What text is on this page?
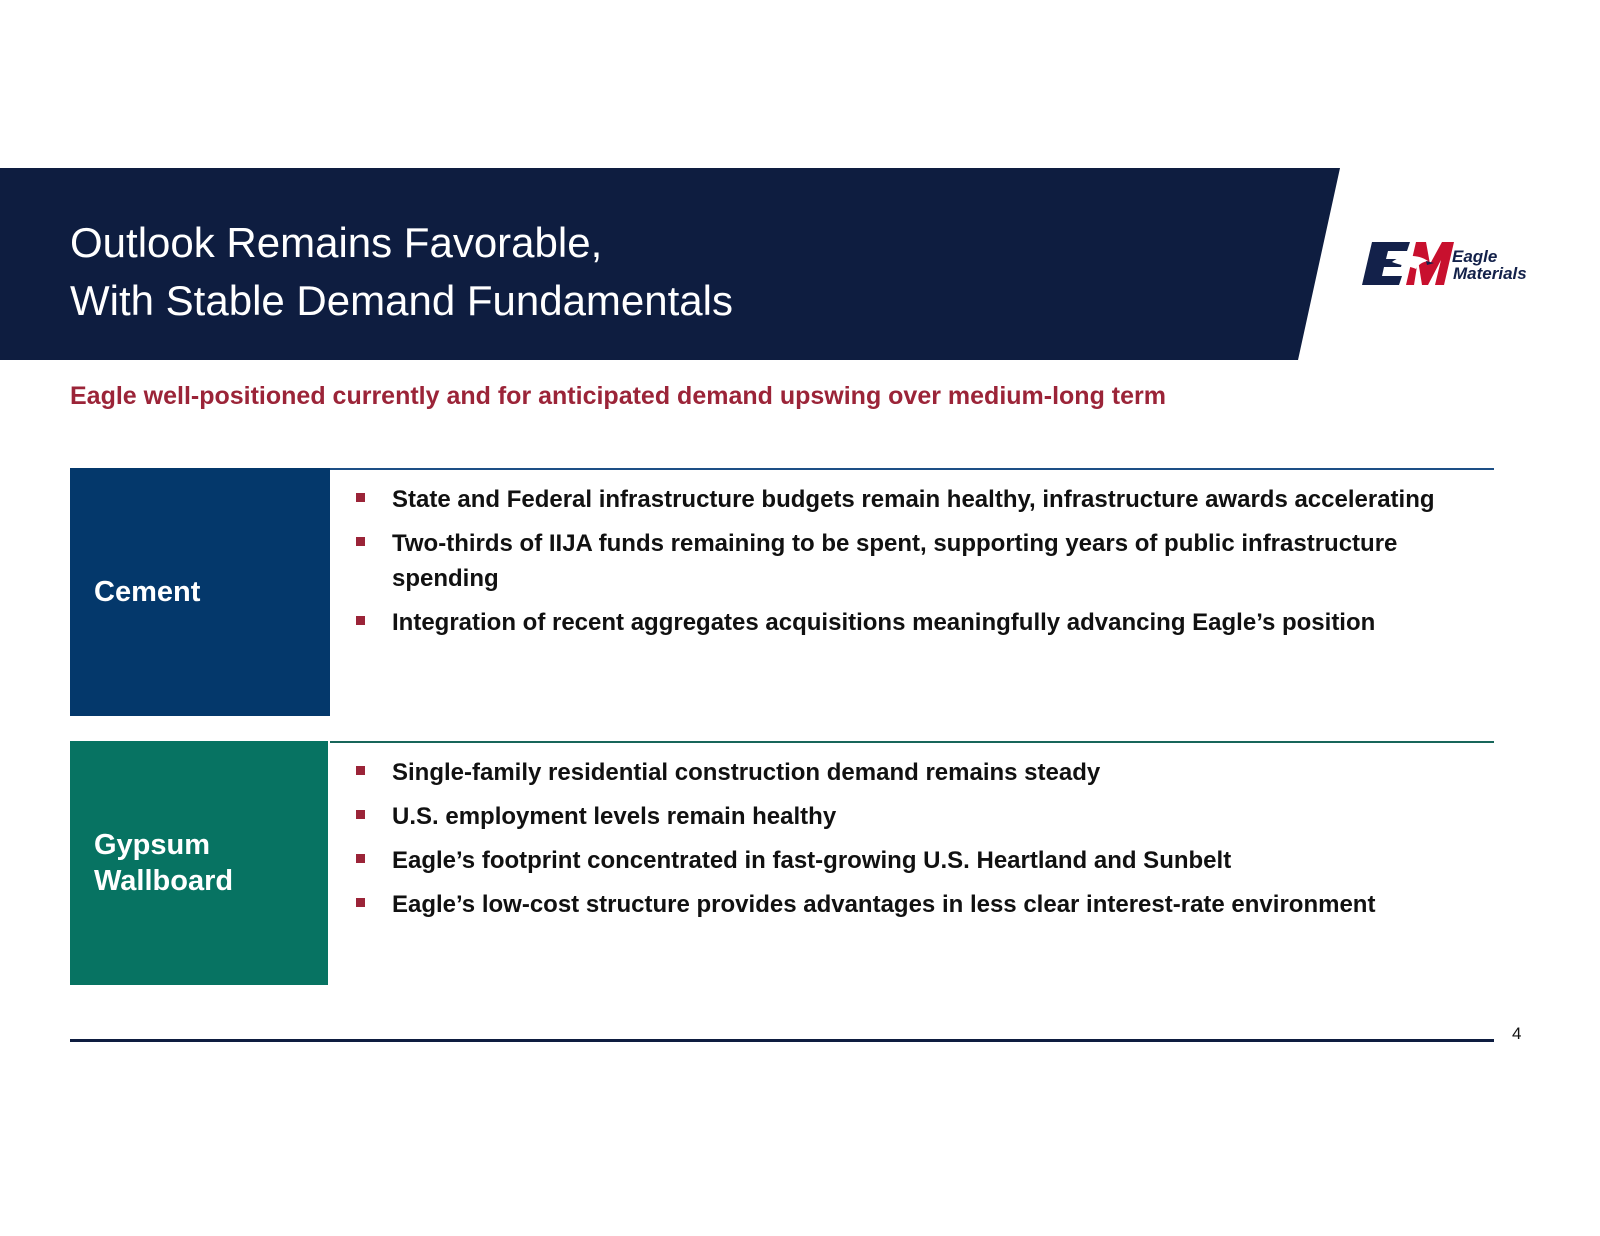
Outlook Remains Favorable,
With Stable Demand Fundamentals
Eagle
Materials

Eagle well-positioned currently and for anticipated demand upswing over medium-long term

Cement
State and Federal infrastructure budgets remain healthy, infrastructure awards accelerating
Two-thirds of IIJA funds remaining to be spent, supporting years of public infrastructure spending
Integration of recent aggregates acquisitions meaningfully advancing Eagle’s position
Gypsum
Wallboard
Single-family residential construction demand remains steady
U.S. employment levels remain healthy
Eagle’s footprint concentrated in fast-growing U.S. Heartland and Sunbelt
Eagle’s low-cost structure provides advantages in less clear interest-rate environment
4
